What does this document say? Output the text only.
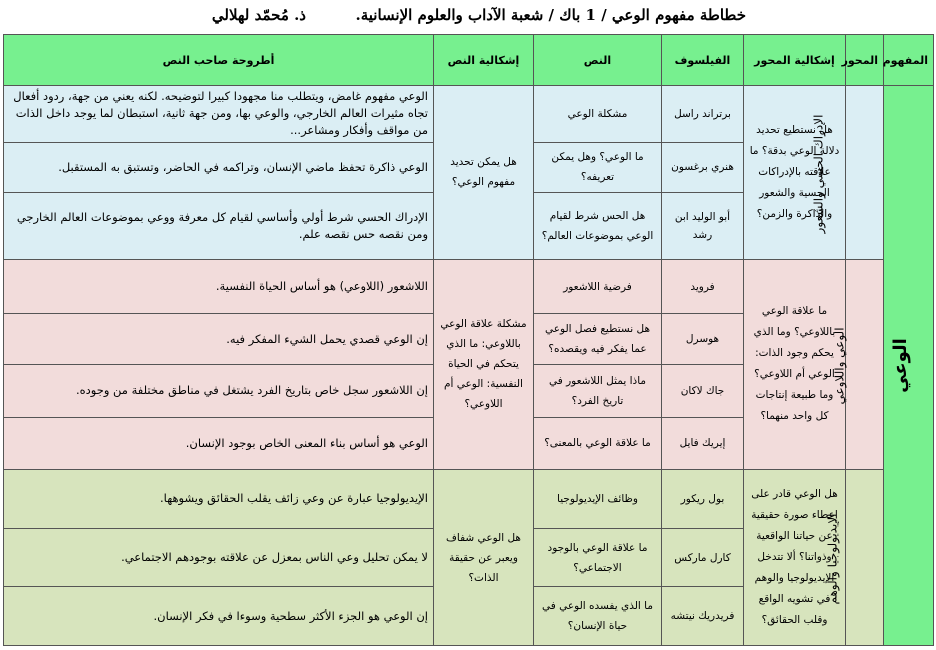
خطاطة مفهوم الوعي / 1 باك / شعبة الآداب والعلوم الإنسانية.
ذ. مُحمّد لهلالي
المفهوم	المحور	إشكالية المحور	الفيلسوف	النص	إشكالية النص	أطروحة صاحب النص
الوعي	الإدراك الحسي والشعور	هل نستطيع تحديد دلالة الوعي بدقة؟ ما علاقته بالإدراكات الحسية والشعور والذاكرة والزمن؟	برتراند راسل	مشكلة الوعي	هل يمكن تحديد مفهوم الوعي؟	الوعي مفهوم غامض، ويتطلب منا مجهودا كبيرا لتوضيحه. لكنه يعني من جهة، ردود أفعال تجاه مثيرات العالم الخارجي، والوعي بها، ومن جهة ثانية، استبطان لما يوجد داخل الذات من مواقف وأفكار ومشاعر...
			هنري برغسون	ما الوعي؟ وهل يمكن تعريفه؟		الوعي ذاكرة تحفظ ماضي الإنسان، وتراكمه في الحاضر، وتستبق به المستقبل.
			أبو الوليد ابن رشد	هل الحس شرط لقيام الوعي بموضوعات العالم؟		الإدراك الحسي شرط أولي وأساسي لقيام كل معرفة ووعي بموضوعات العالم الخارجي ومن نقصه حس نقصه علم.
	الوعي واللاوعي	ما علاقة الوعي باللاوعي؟ وما الذي يحكم وجود الذات: الوعي أم اللاوعي؟ وما طبيعة إنتاجات كل واحد منهما؟	فرويد	فرضية اللاشعور	مشكلة علاقة الوعي باللاوعي: ما الذي يتحكم في الحياة النفسية: الوعي أم اللاوعي؟	اللاشعور (اللاوعي) هو أساس الحياة النفسية.
			هوسرل	هل نستطيع فصل الوعي عما يفكر فيه ويقصده؟		إن الوعي قصدي يحمل الشيء المفكر فيه.
			جاك لاكان	ماذا يمثل اللاشعور في تاريخ الفرد؟		إن اللاشعور سجل خاص بتاريخ الفرد يشتغل في مناطق مختلفة من وجوده.
			إيريك فايل	ما علاقة الوعي بالمعنى؟		الوعي هو أساس بناء المعنى الخاص بوجود الإنسان.
	الإيديولوجيا والوهم	هل الوعي قادر على إعطاء صورة حقيقية عن حياتنا الواقعية وذواتنا؟ ألا تتدخل الإيديولوجيا والوهم في تشويه الواقع وقلب الحقائق؟	بول ريكور	وظائف الإيديولوجيا	هل الوعي شفاف ويعبر عن حقيقة الذات؟	الإيديولوجيا عبارة عن وعي زائف يقلب الحقائق ويشوهها.
			كارل ماركس	ما علاقة الوعي بالوجود الاجتماعي؟		لا يمكن تحليل وعي الناس بمعزل عن علاقته بوجودهم الاجتماعي.
			فريدريك نيتشه	ما الذي يفسده الوعي في حياة الإنسان؟		إن الوعي هو الجزء الأكثر سطحية وسوءا في فكر الإنسان.
